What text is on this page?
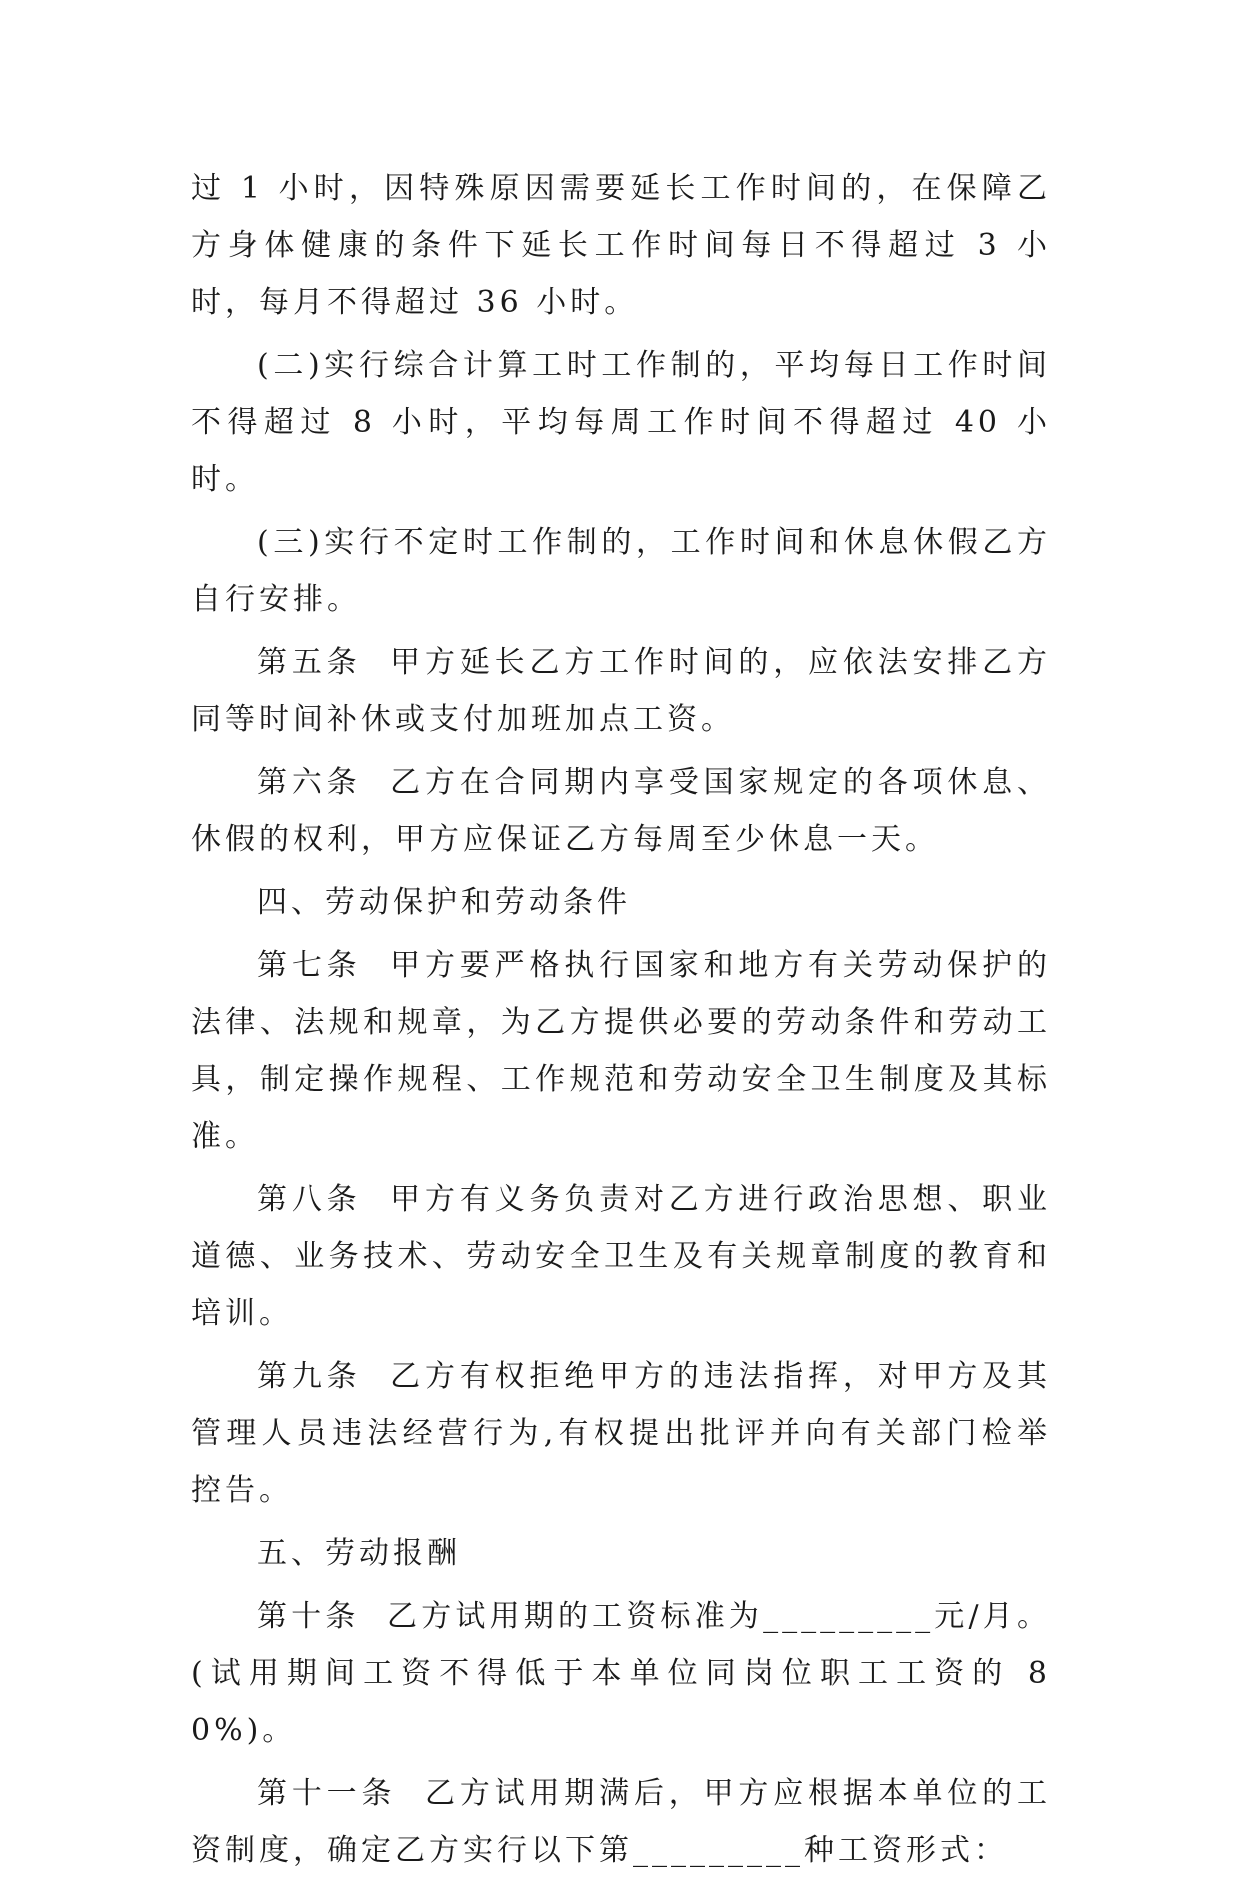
过 1 小时，因特殊原因需要延长工作时间的，在保障乙方身体健康的条件下延长工作时间每日不得超过 3 小时，每月不得超过 36 小时。

(二)实行综合计算工时工作制的，平均每日工作时间不得超过 8 小时，平均每周工作时间不得超过 40 小时。

(三)实行不定时工作制的，工作时间和休息休假乙方自行安排。

第五条  甲方延长乙方工作时间的，应依法安排乙方同等时间补休或支付加班加点工资。

第六条  乙方在合同期内享受国家规定的各项休息、休假的权利，甲方应保证乙方每周至少休息一天。

四、劳动保护和劳动条件

第七条  甲方要严格执行国家和地方有关劳动保护的法律、法规和规章，为乙方提供必要的劳动条件和劳动工具，制定操作规程、工作规范和劳动安全卫生制度及其标准。

第八条  甲方有义务负责对乙方进行政治思想、职业道德、业务技术、劳动安全卫生及有关规章制度的教育和培训。

第九条  乙方有权拒绝甲方的违法指挥，对甲方及其管理人员违法经营行为,有权提出批评并向有关部门检举控告。

五、劳动报酬

第十条  乙方试用期的工资标准为_________元/月。(试用期间工资不得低于本单位同岗位职工工资的 80%)。

第十一条  乙方试用期满后，甲方应根据本单位的工资制度，确定乙方实行以下第_________种工资形式：
